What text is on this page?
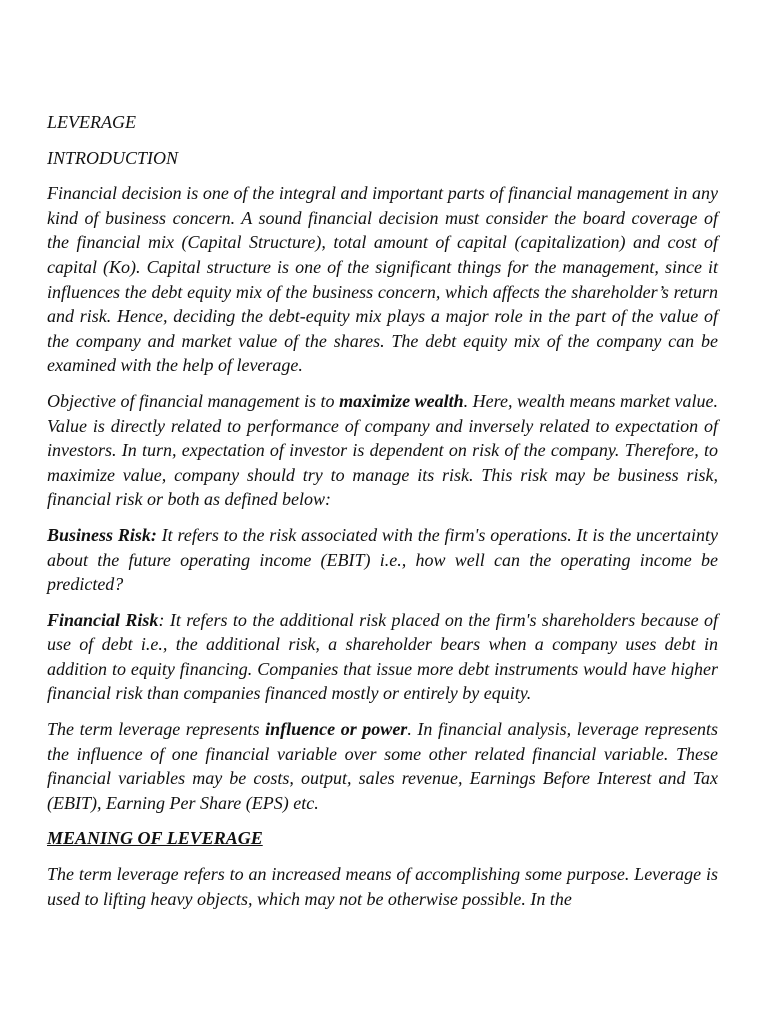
LEVERAGE
INTRODUCTION

Financial decision is one of the integral and important parts of financial management in any kind of business concern. A sound financial decision must consider the board coverage of the financial mix (Capital Structure), total amount of capital (capitalization) and cost of capital (Ko). Capital structure is one of the significant things for the management, since it influences the debt equity mix of the business concern, which affects the shareholder’s return and risk. Hence, deciding the debt-equity mix plays a major role in the part of the value of the company and market value of the shares. The debt equity mix of the company can be examined with the help of leverage.

Objective of financial management is to maximize wealth. Here, wealth means market value. Value is directly related to performance of company and inversely related to expectation of investors. In turn, expectation of investor is dependent on risk of the company. Therefore, to maximize value, company should try to manage its risk. This risk may be business risk, financial risk or both as defined below:

Business Risk: It refers to the risk associated with the firm's operations. It is the uncertainty about the future operating income (EBIT) i.e., how well can the operating income be predicted?

Financial Risk: It refers to the additional risk placed on the firm's shareholders because of use of debt i.e., the additional risk, a shareholder bears when a company uses debt in addition to equity financing. Companies that issue more debt instruments would have higher financial risk than companies financed mostly or entirely by equity.

The term leverage represents influence or power. In financial analysis, leverage represents the influence of one financial variable over some other related financial variable. These financial variables may be costs, output, sales revenue, Earnings Before Interest and Tax (EBIT), Earning Per Share (EPS) etc.

MEANING OF LEVERAGE

The term leverage refers to an increased means of accomplishing some purpose. Leverage is used to lifting heavy objects, which may not be otherwise possible. In the
